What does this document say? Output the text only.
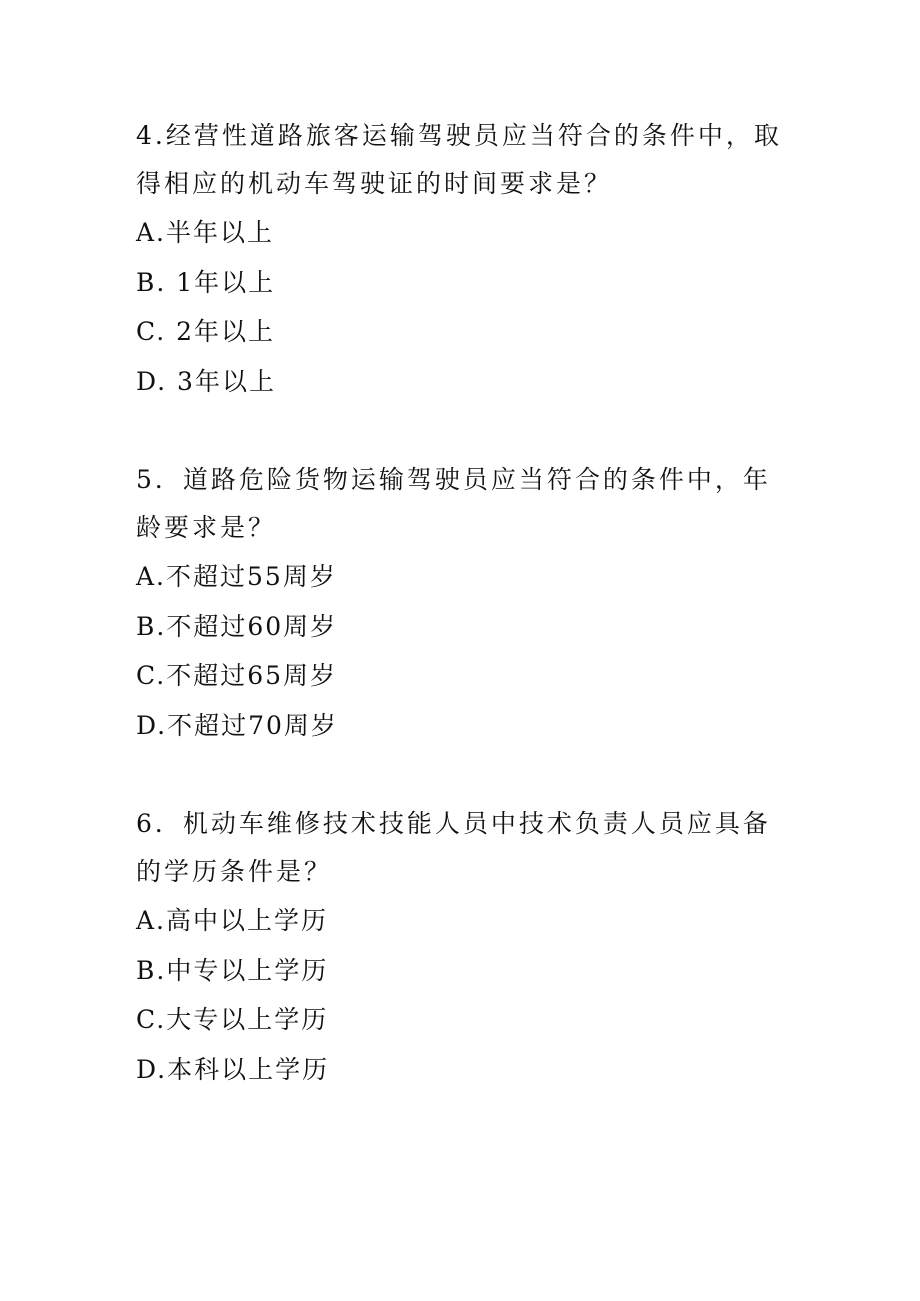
4.经营性道路旅客运输驾驶员应当符合的条件中，取得相应的机动车驾驶证的时间要求是？

A.半年以上
B. 1年以上
C. 2年以上
D. 3年以上

5．道路危险货物运输驾驶员应当符合的条件中，年龄要求是？

A.不超过55周岁
B.不超过60周岁
C.不超过65周岁
D.不超过70周岁

6．机动车维修技术技能人员中技术负责人员应具备的学历条件是？

A.高中以上学历
B.中专以上学历
C.大专以上学历
D.本科以上学历
